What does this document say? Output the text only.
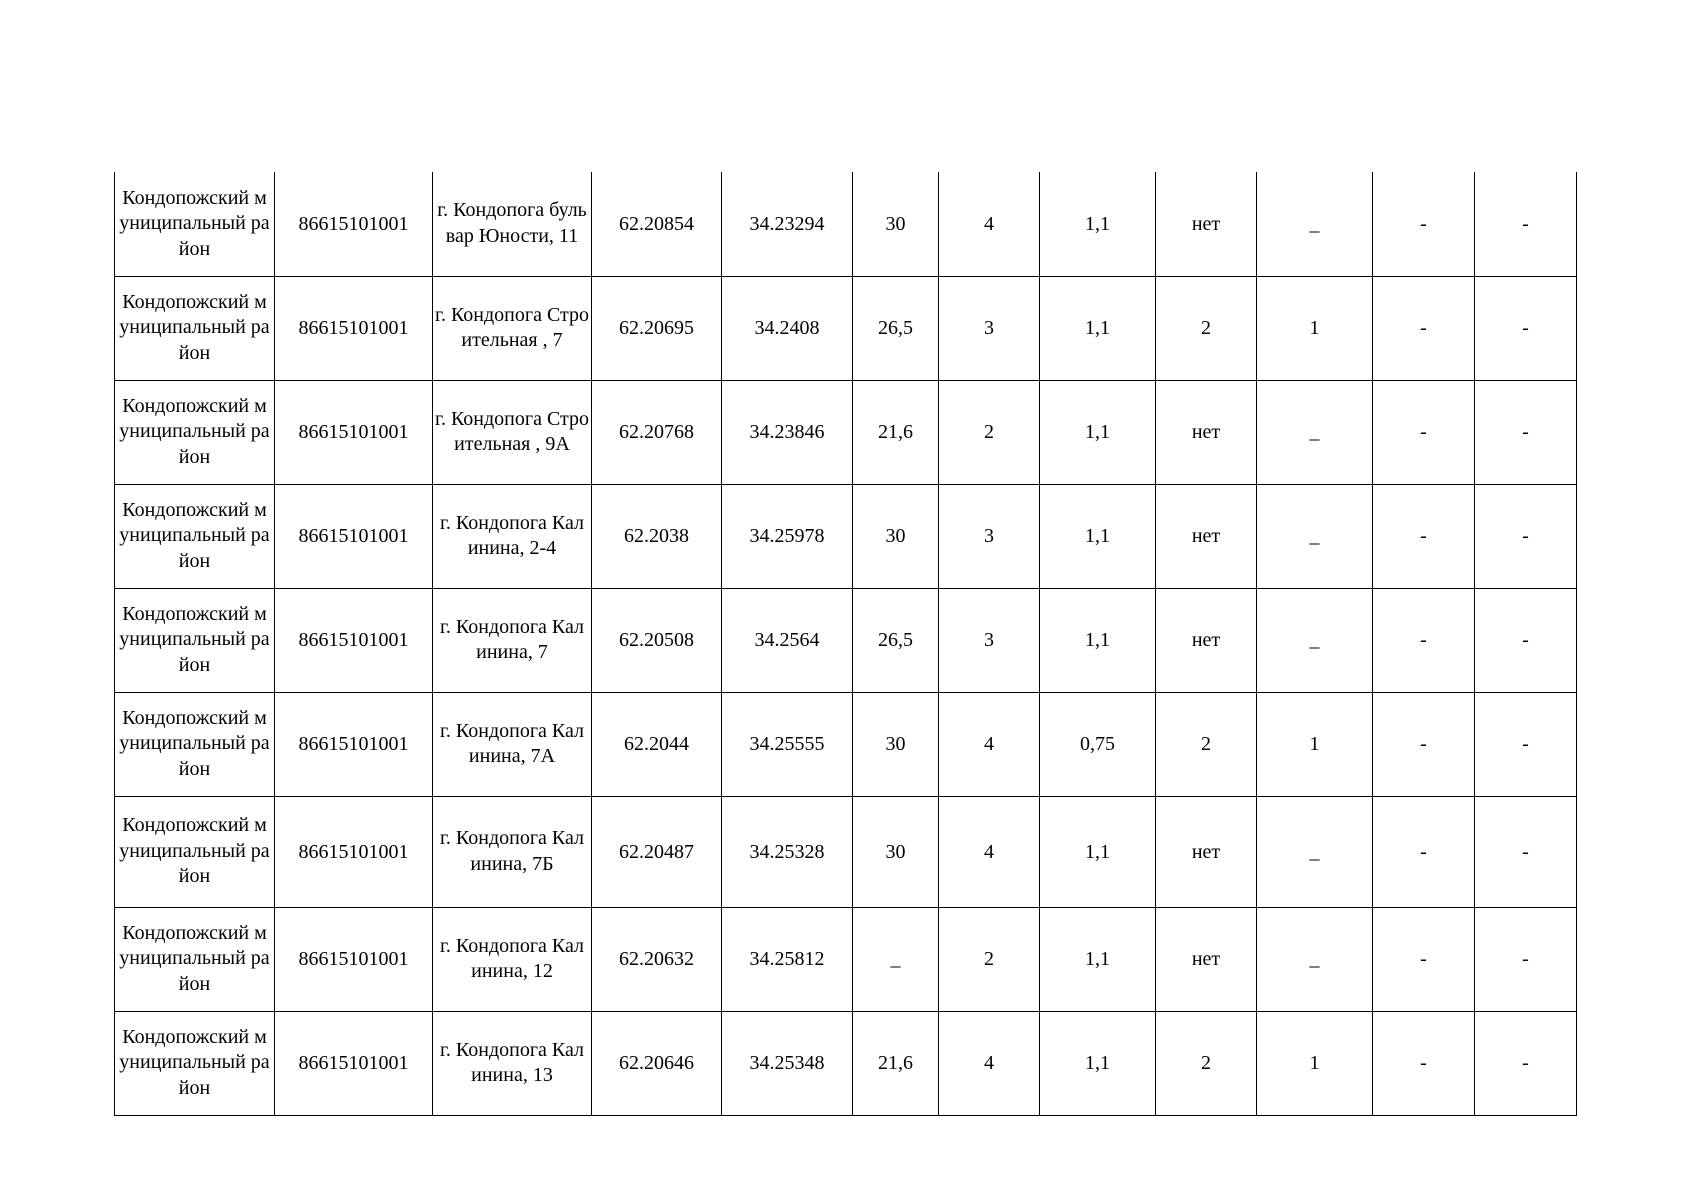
Кондопожский муниципальный район	86615101001	г. Кондопога бульвар Юности, 11	62.20854	34.23294	30	4	1,1	нет	_	-	-
Кондопожский муниципальный район	86615101001	г. Кондопога Строительная , 7	62.20695	34.2408	26,5	3	1,1	2	1	-	-
Кондопожский муниципальный район	86615101001	г. Кондопога Строительная , 9А	62.20768	34.23846	21,6	2	1,1	нет	_	-	-
Кондопожский муниципальный район	86615101001	г. Кондопога Калинина, 2-4	62.2038	34.25978	30	3	1,1	нет	_	-	-
Кондопожский муниципальный район	86615101001	г. Кондопога Калинина, 7	62.20508	34.2564	26,5	3	1,1	нет	_	-	-
Кондопожский муниципальный район	86615101001	г. Кондопога Калинина, 7А	62.2044	34.25555	30	4	0,75	2	1	-	-
Кондопожский муниципальный район	86615101001	г. Кондопога Калинина, 7Б	62.20487	34.25328	30	4	1,1	нет	_	-	-
Кондопожский муниципальный район	86615101001	г. Кондопога Калинина, 12	62.20632	34.25812	_	2	1,1	нет	_	-	-
Кондопожский муниципальный район	86615101001	г. Кондопога Калинина, 13	62.20646	34.25348	21,6	4	1,1	2	1	-	-
